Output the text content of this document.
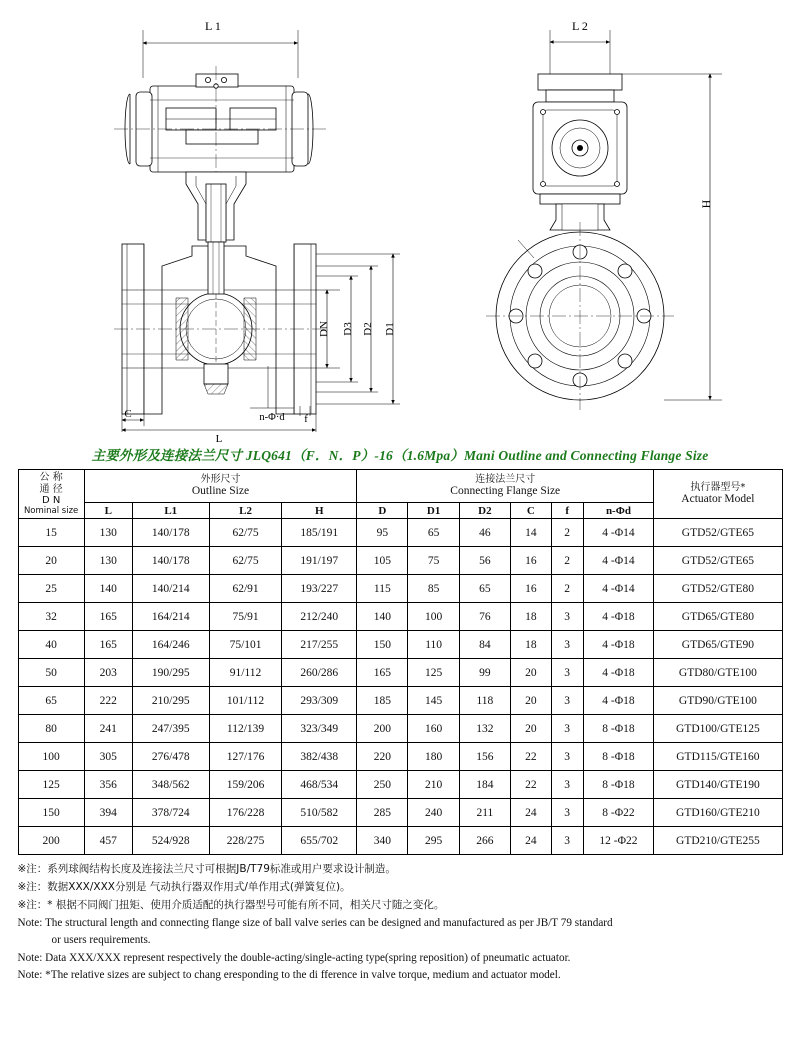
L 1
DN D3 D2 D1
C
L
n-Φ·d f
L 2
H
主要外形及连接法兰尺寸 JLQ641（F．N．P）-16（1.6Mpa）Mani Outline and Connecting Flange Size
公 称
通 径
D N
Nominal size

外形尺寸
Outline Size

连接法兰尺寸
Connecting Flange Size	执行器型号*
Actuator Model

	L	L1	L2	H	D	D1	D2	C	f	n-Φd	
15	130	140/178	62/75	185/191	95	65	46	14	2	4 -Φ14	GTD52/GTE65
20	130	140/178	62/75	191/197	105	75	56	16	2	4 -Φ14	GTD52/GTE65
25	140	140/214	62/91	193/227	115	85	65	16	2	4 -Φ14	GTD52/GTE80
32	165	164/214	75/91	212/240	140	100	76	18	3	4 -Φ18	GTD65/GTE80
40	165	164/246	75/101	217/255	150	110	84	18	3	4 -Φ18	GTD65/GTE90
50	203	190/295	91/112	260/286	165	125	99	20	3	4 -Φ18	GTD80/GTE100
65	222	210/295	101/112	293/309	185	145	118	20	3	4 -Φ18	GTD90/GTE100
80	241	247/395	112/139	323/349	200	160	132	20	3	8 -Φ18	GTD100/GTE125
100	305	276/478	127/176	382/438	220	180	156	22	3	8 -Φ18	GTD115/GTE160
125	356	348/562	159/206	468/534	250	210	184	22	3	8 -Φ18	GTD140/GTE190
150	394	378/724	176/228	510/582	285	240	211	24	3	8 -Φ22	GTD160/GTE210
200	457	524/928	228/275	655/702	340	295	266	24	3	12 -Φ22	GTD210/GTE255
※注：系列球阀结构长度及连接法兰尺寸可根据JB/T79标准或用户要求设计制造。
※注：数据XXX/XXX分别是 气动执行器双作用式/单作用式(弹簧复位)。
※注：* 根据不同阀门扭矩、使用介质适配的执行器型号可能有所不同，相关尺寸随之变化。
Note: The structural length and connecting flange size of ball valve series can be designed and manufactured as per JB/T 79 standard
or users requirements.
Note: Data XXX/XXX represent respectively the double-acting/single-acting type(spring reposition) of pneumatic actuator.
Note: *The relative sizes are subject to chang eresponding to the di fference in valve torque, medium and actuator model.
